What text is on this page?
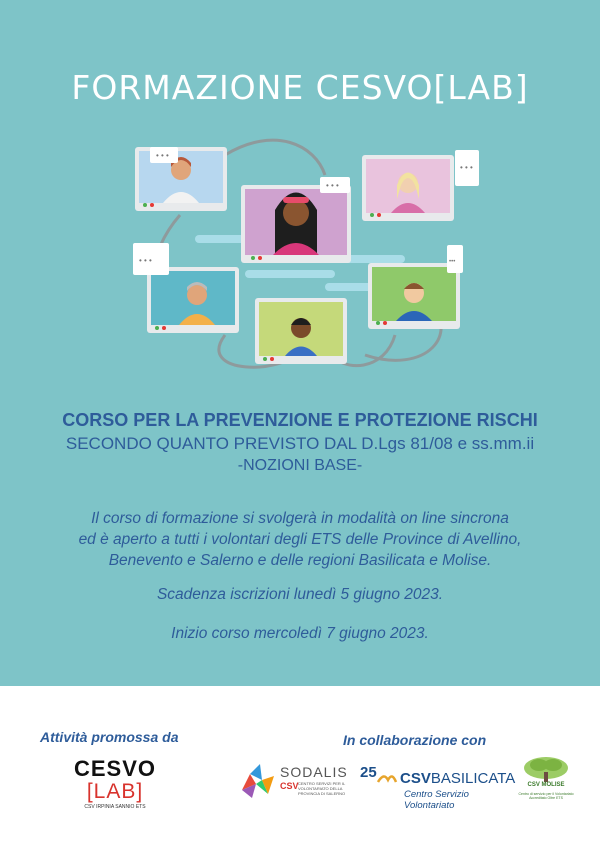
FORMAZIONE CESVO[LAB]
• • •
• • •
• • •
• • •	•••
CORSO PER LA PREVENZIONE E PROTEZIONE RISCHI
SECONDO QUANTO PREVISTO DAL D.Lgs 81/08 e ss.mm.ii
-NOZIONI BASE-
Il corso di formazione si svolgerà in modalità on line sincrona
ed è aperto a tutti i volontari degli ETS delle Province di Avellino,
Benevento e Salerno e delle regioni Basilicata e Molise.
Scadenza iscrizioni lunedì 5 giugno 2023.
Inizio corso mercoledì 7 giugno 2023.
Attività promossa da	In collaborazione con
CESVO
[LAB]
CSV IRPINIA SANNIO ETS
SODALIS
CSV CENTRO SERVIZI PER IL VOLONTARIATO DELLA PROVINCIA DI SALERNO
25 CSVBASILICATA
Centro Servizio Volontariato
CSV MOLISE
Centro di servizio per il Volontariato Accreditato Oltre ETS
